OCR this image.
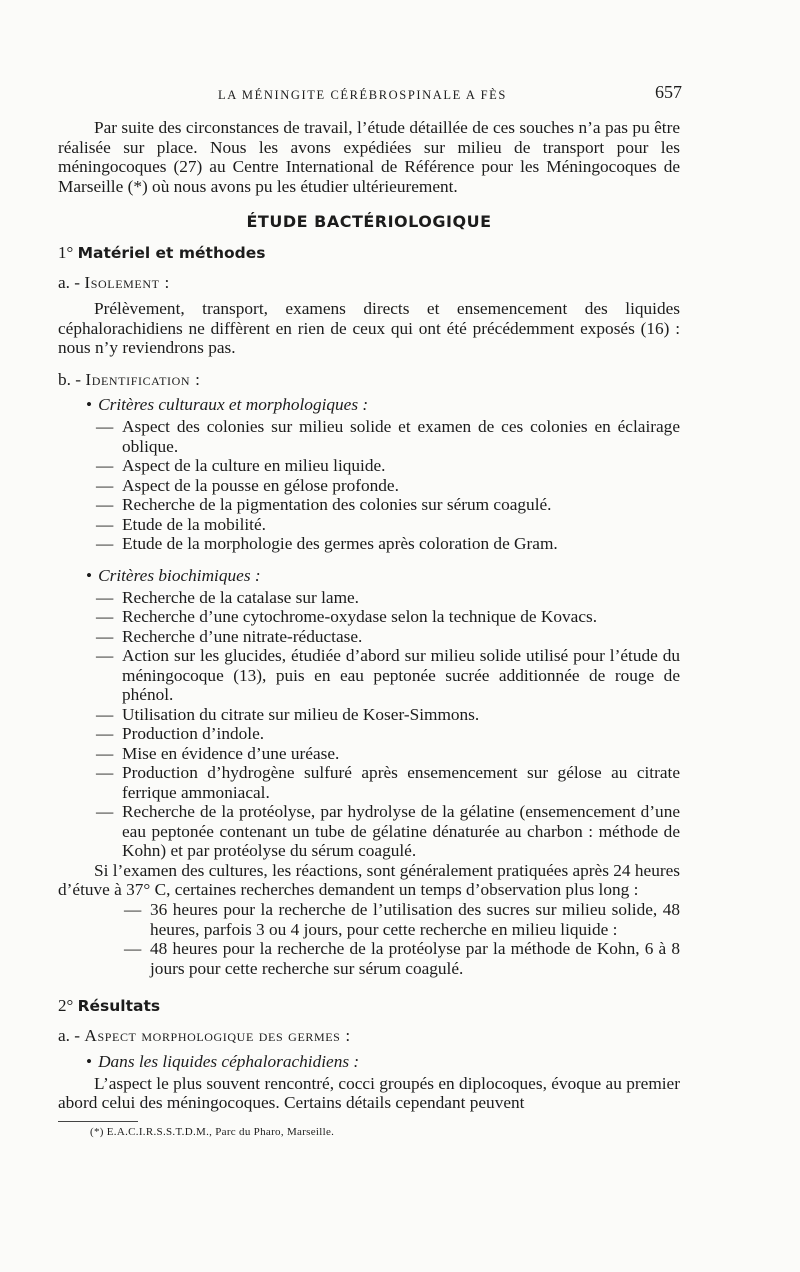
LA MÉNINGITE CÉRÉBROSPINALE A FÈS	657

Par suite des circonstances de travail, l’étude détaillée de ces souches n’a pas pu être réalisée sur place. Nous les avons expédiées sur milieu de transport pour les méningocoques (27) au Centre International de Référence pour les Méningocoques de Marseille (*) où nous avons pu les étudier ultérieurement.

ÉTUDE BACTÉRIOLOGIQUE
1° Matériel et méthodes
a. - Isolement :

Prélèvement, transport, examens directs et ensemencement des liquides céphalorachidiens ne diffèrent en rien de ceux qui ont été précédemment exposés (16) : nous n’y reviendrons pas.

b. - Identification :
• Critères culturaux et morphologiques :
— Aspect des colonies sur milieu solide et examen de ces colonies en éclairage oblique.
— Aspect de la culture en milieu liquide.
— Aspect de la pousse en gélose profonde.
— Recherche de la pigmentation des colonies sur sérum coagulé.
— Etude de la mobilité.
— Etude de la morphologie des germes après coloration de Gram.
• Critères biochimiques :
— Recherche de la catalase sur lame.
— Recherche d’une cytochrome-oxydase selon la technique de Kovacs.
— Recherche d’une nitrate-réductase.
— Action sur les glucides, étudiée d’abord sur milieu solide utilisé pour l’étude du méningocoque (13), puis en eau peptonée sucrée additionnée de rouge de phénol.
— Utilisation du citrate sur milieu de Koser-Simmons.
— Production d’indole.
— Mise en évidence d’une uréase.
— Production d’hydrogène sulfuré après ensemencement sur gélose au citrate ferrique ammoniacal.
— Recherche de la protéolyse, par hydrolyse de la gélatine (ensemencement d’une eau peptonée contenant un tube de gélatine dénaturée au charbon : méthode de Kohn) et par protéolyse du sérum coagulé.

Si l’examen des cultures, les réactions, sont généralement pratiquées après 24 heures d’étuve à 37° C, certaines recherches demandent un temps d’observation plus long :

— 36 heures pour la recherche de l’utilisation des sucres sur milieu solide, 48 heures, parfois 3 ou 4 jours, pour cette recherche en milieu liquide :
— 48 heures pour la recherche de la protéolyse par la méthode de Kohn, 6 à 8 jours pour cette recherche sur sérum coagulé.
2° Résultats
a. - Aspect morphologique des germes :
• Dans les liquides céphalorachidiens :

L’aspect le plus souvent rencontré, cocci groupés en diplocoques, évoque au premier abord celui des méningocoques. Certains détails cependant peuvent

(*) E.A.C.I.R.S.S.T.D.M., Parc du Pharo, Marseille.
